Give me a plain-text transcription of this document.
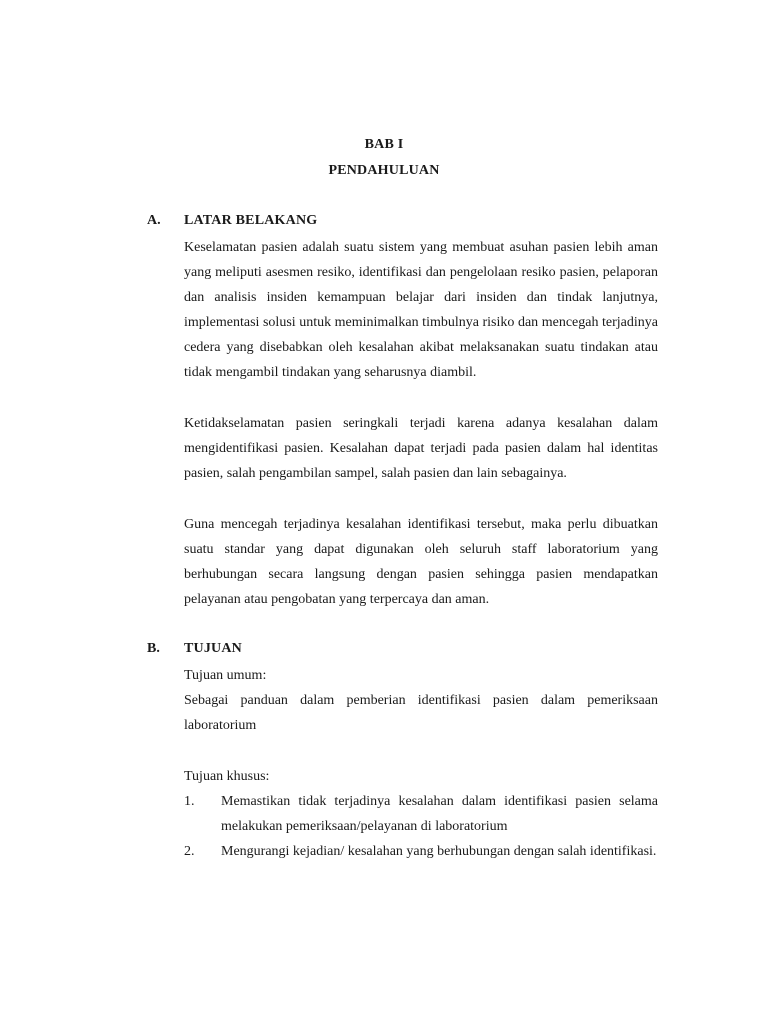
BAB I
PENDAHULUAN
A. LATAR BELAKANG

Keselamatan pasien adalah suatu sistem yang membuat asuhan pasien lebih aman yang meliputi asesmen resiko, identifikasi dan pengelolaan resiko pasien, pelaporan dan analisis insiden kemampuan belajar dari insiden dan tindak lanjutnya, implementasi solusi untuk meminimalkan timbulnya risiko dan mencegah terjadinya cedera yang disebabkan oleh kesalahan akibat melaksanakan suatu tindakan atau tidak mengambil tindakan yang seharusnya diambil.

Ketidakselamatan pasien seringkali terjadi karena adanya kesalahan dalam mengidentifikasi pasien. Kesalahan dapat terjadi pada pasien dalam hal identitas pasien, salah pengambilan sampel, salah pasien dan lain sebagainya.

Guna mencegah terjadinya kesalahan identifikasi tersebut, maka perlu dibuatkan suatu standar yang dapat digunakan oleh seluruh staff laboratorium yang berhubungan secara langsung dengan pasien sehingga pasien mendapatkan pelayanan atau pengobatan yang terpercaya dan aman.

B. TUJUAN
Tujuan umum:

Sebagai panduan dalam pemberian identifikasi pasien dalam pemeriksaan laboratorium

Tujuan khusus:
1. Memastikan tidak terjadinya kesalahan dalam identifikasi pasien selama melakukan pemeriksaan/pelayanan di laboratorium

2. Mengurangi kejadian/ kesalahan yang berhubungan dengan salah identifikasi.
